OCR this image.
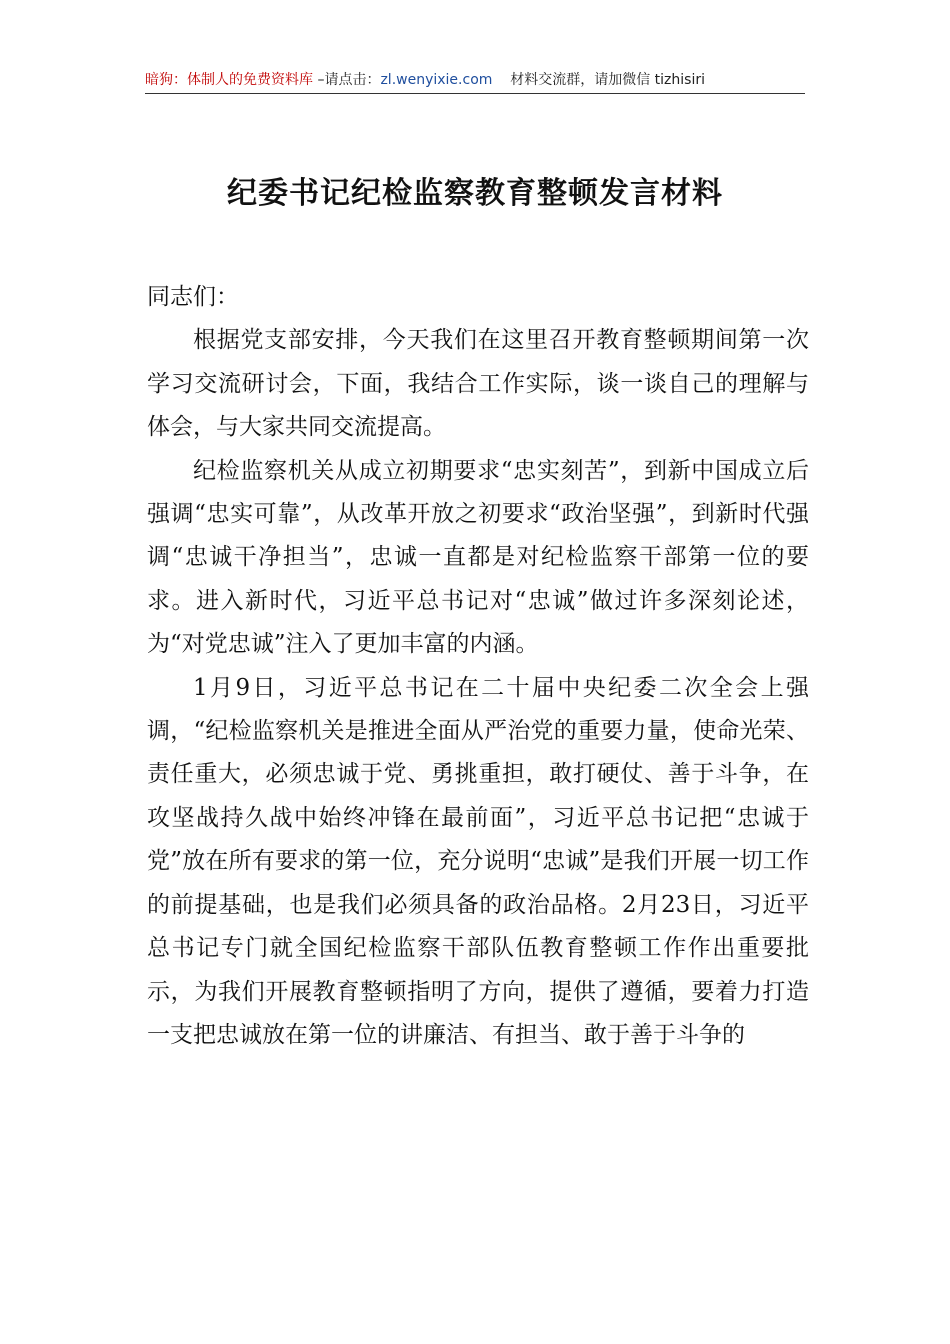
暗狗：体制人的免费资料库 –请点击：zl.wenyixie.com 材料交流群，请加微信 tizhisiri
纪委书记纪检监察教育整顿发言材料

同志们：

根据党支部安排，今天我们在这里召开教育整顿期间第一次学习交流研讨会，下面，我结合工作实际，谈一谈自己的理解与体会，与大家共同交流提高。

纪检监察机关从成立初期要求“忠实刻苦”，到新中国成立后强调“忠实可靠”，从改革开放之初要求“政治坚强”，到新时代强调“忠诚干净担当”，忠诚一直都是对纪检监察干部第一位的要求。进入新时代，习近平总书记对“忠诚”做过许多深刻论述，为“对党忠诚”注入了更加丰富的内涵。

1月9日，习近平总书记在二十届中央纪委二次全会上强调，“纪检监察机关是推进全面从严治党的重要力量，使命光荣、责任重大，必须忠诚于党、勇挑重担，敢打硬仗、善于斗争，在攻坚战持久战中始终冲锋在最前面”，习近平总书记把“忠诚于党”放在所有要求的第一位，充分说明“忠诚”是我们开展一切工作的前提基础，也是我们必须具备的政治品格。2月23日，习近平总书记专门就全国纪检监察干部队伍教育整顿工作作出重要批示，为我们开展教育整顿指明了方向，提供了遵循，要着力打造一支把忠诚放在第一位的讲廉洁、有担当、敢于善于斗争的
